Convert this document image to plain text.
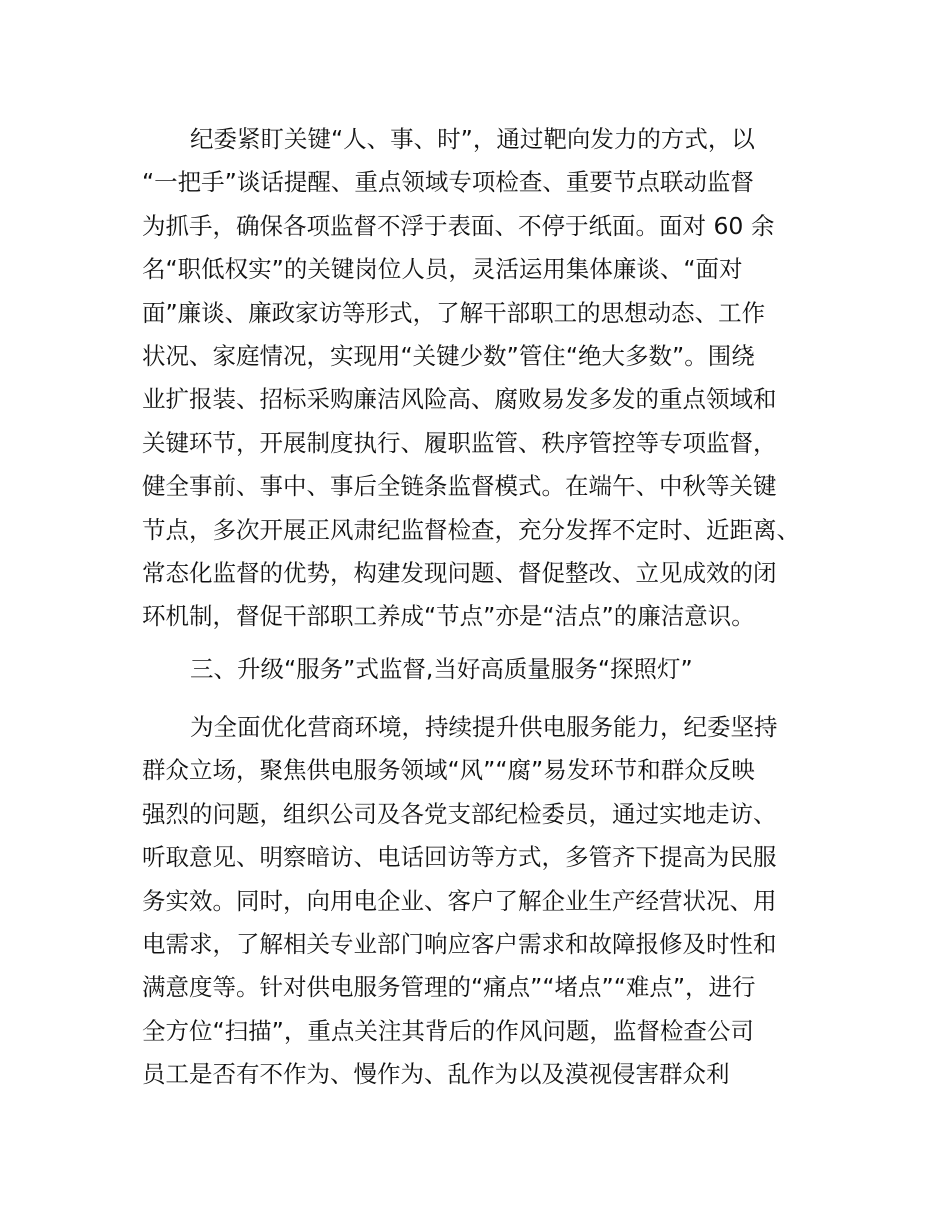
纪委紧盯关键“人、事、时”，通过靶向发力的方式，以
“一把手”谈话提醒、重点领域专项检查、重要节点联动监督
为抓手，确保各项监督不浮于表面、不停于纸面。面对 60 余
名“职低权实”的关键岗位人员，灵活运用集体廉谈、“面对
面”廉谈、廉政家访等形式，了解干部职工的思想动态、工作
状况、家庭情况，实现用“关键少数”管住“绝大多数”。围绕
业扩报装、招标采购廉洁风险高、腐败易发多发的重点领域和
关键环节，开展制度执行、履职监管、秩序管控等专项监督，
健全事前、事中、事后全链条监督模式。在端午、中秋等关键
节点，多次开展正风肃纪监督检查，充分发挥不定时、近距离、
常态化监督的优势，构建发现问题、督促整改、立见成效的闭
环机制，督促干部职工养成“节点”亦是“洁点”的廉洁意识。
三、升级“服务”式监督,当好高质量服务“探照灯”
为全面优化营商环境，持续提升供电服务能力，纪委坚持
群众立场，聚焦供电服务领域“风”“腐”易发环节和群众反映
强烈的问题，组织公司及各党支部纪检委员，通过实地走访、
听取意见、明察暗访、电话回访等方式，多管齐下提高为民服
务实效。同时，向用电企业、客户了解企业生产经营状况、用
电需求，了解相关专业部门响应客户需求和故障报修及时性和
满意度等。针对供电服务管理的“痛点”“堵点”“难点”，进行
全方位“扫描”，重点关注其背后的作风问题，监督检查公司
员工是否有不作为、慢作为、乱作为以及漠视侵害群众利
